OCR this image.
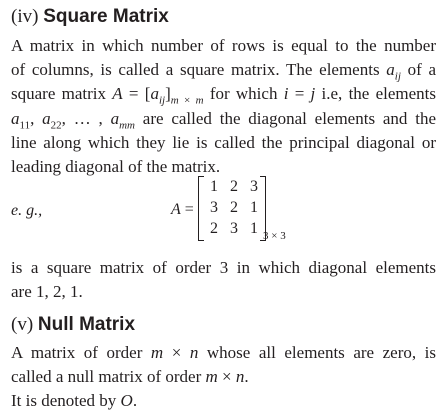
(iv) Square Matrix
A matrix in which number of rows is equal to the number
of columns, is called a square matrix. The elements $a_{ij}$ of a
square matrix $A = [a_{ij}]_{m \times m}$ for which i = j i.e, the elements
$a_{11}$, $a_{22}$, … , $a_{mm}$ are called the diagonal elements and the
line along which they lie is called the principal diagonal or
leading diagonal of the matrix.
e. g.,	A =
1 2 3
3 2 1
2 3 1 3 × 3
is a square matrix of order 3 in which diagonal elements
are 1, 2, 1.
(v) Null Matrix
A matrix of order m × n whose all elements are zero, is
called a null matrix of order m × n.
It is denoted by O.
